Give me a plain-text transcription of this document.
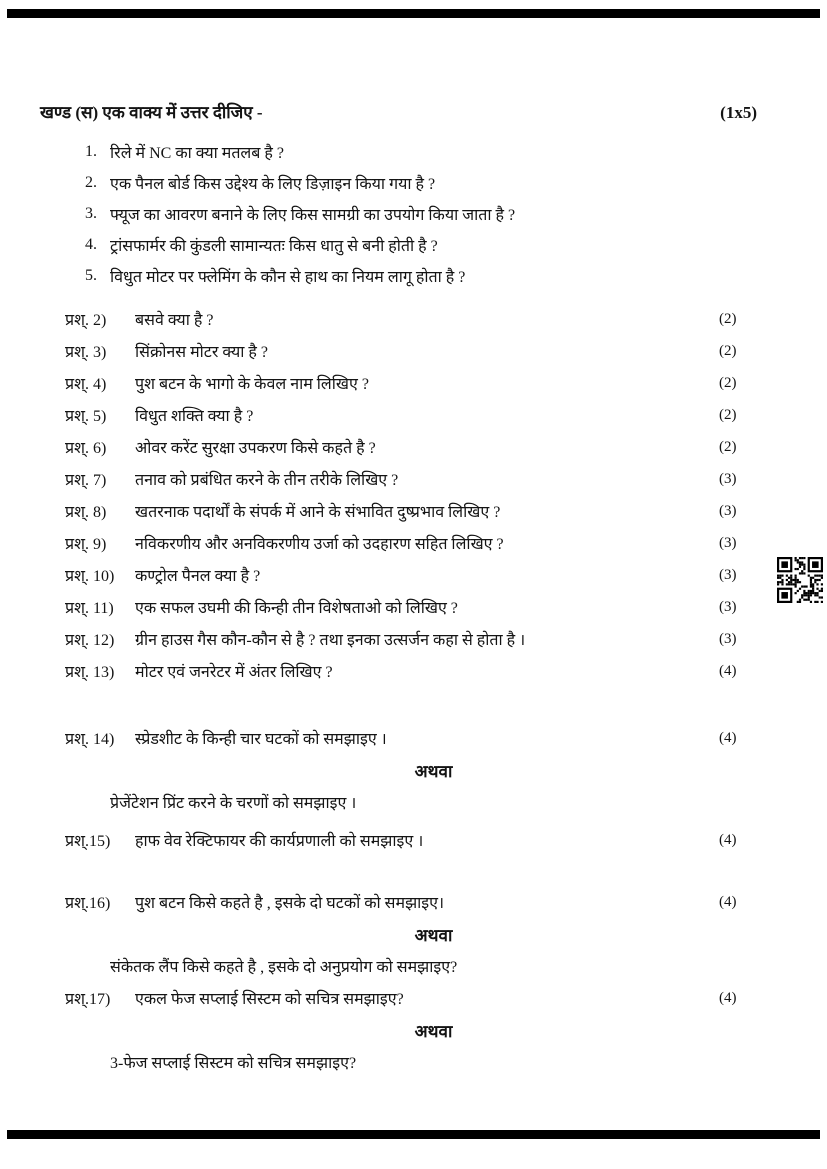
खण्ड (स) एक वाक्य में उत्तर दीजिए -	(1x5)
1. रिले में NC का क्या मतलब है ?
2. एक पैनल बोर्ड किस उद्देश्य के लिए डिज़ाइन किया गया है ?
3. फ्यूज का आवरण बनाने के लिए किस सामग्री का उपयोग किया जाता है ?
4. ट्रांसफार्मर की कुंडली सामान्यतः किस धातु से बनी होती है ?
5. विधुत मोटर पर फ्लेमिंग के कौन से हाथ का नियम लागू होता है ?
प्रश्. 2)	बसवे क्या है ?	(2)
प्रश्. 3)	सिंक्रोनस मोटर क्या है ?	(2)
प्रश्. 4)	पुश बटन के भागो के केवल नाम लिखिए ?	(2)
प्रश्. 5)	विधुत शक्ति क्या है ?	(2)
प्रश्. 6)	ओवर करेंट सुरक्षा उपकरण किसे कहते है ?	(2)
प्रश्. 7)	तनाव को प्रबंधित करने के तीन तरीके लिखिए ?	(3)
प्रश्. 8)	खतरनाक पदार्थों के संपर्क में आने के संभावित दुष्प्रभाव लिखिए ?	(3)
प्रश्. 9)	नविकरणीय और अनविकरणीय उर्जा को उदहारण सहित लिखिए ?	(3)
प्रश्. 10)	कण्ट्रोल पैनल क्या है ?	(3)
प्रश्. 11)	एक सफल उघमी की किन्ही तीन विशेषताओ को लिखिए ?	(3)
प्रश्. 12)	ग्रीन हाउस गैस कौन-कौन से है ? तथा इनका उत्सर्जन कहा से होता है ।	(3)
प्रश्. 13)	मोटर एवं जनरेटर में अंतर लिखिए ?	(4)
प्रश्. 14)	स्प्रेडशीट के किन्ही चार घटकों को समझाइए ।	(4)
अथवा
प्रेजेंटेशन प्रिंट करने के चरणों को समझाइए ।
प्रश्.15)	हाफ वेव रेक्टिफायर की कार्यप्रणाली को समझाइए ।	(4)
प्रश्.16)	पुश बटन किसे कहते है , इसके दो घटकों को समझाइए।	(4)
अथवा
संकेतक लैंप किसे कहते है , इसके दो अनुप्रयोग को समझाइए?
प्रश्.17)	एकल फेज सप्लाई सिस्टम को सचित्र समझाइए?	(4)
अथवा
3-फेज सप्लाई सिस्टम को सचित्र समझाइए?
